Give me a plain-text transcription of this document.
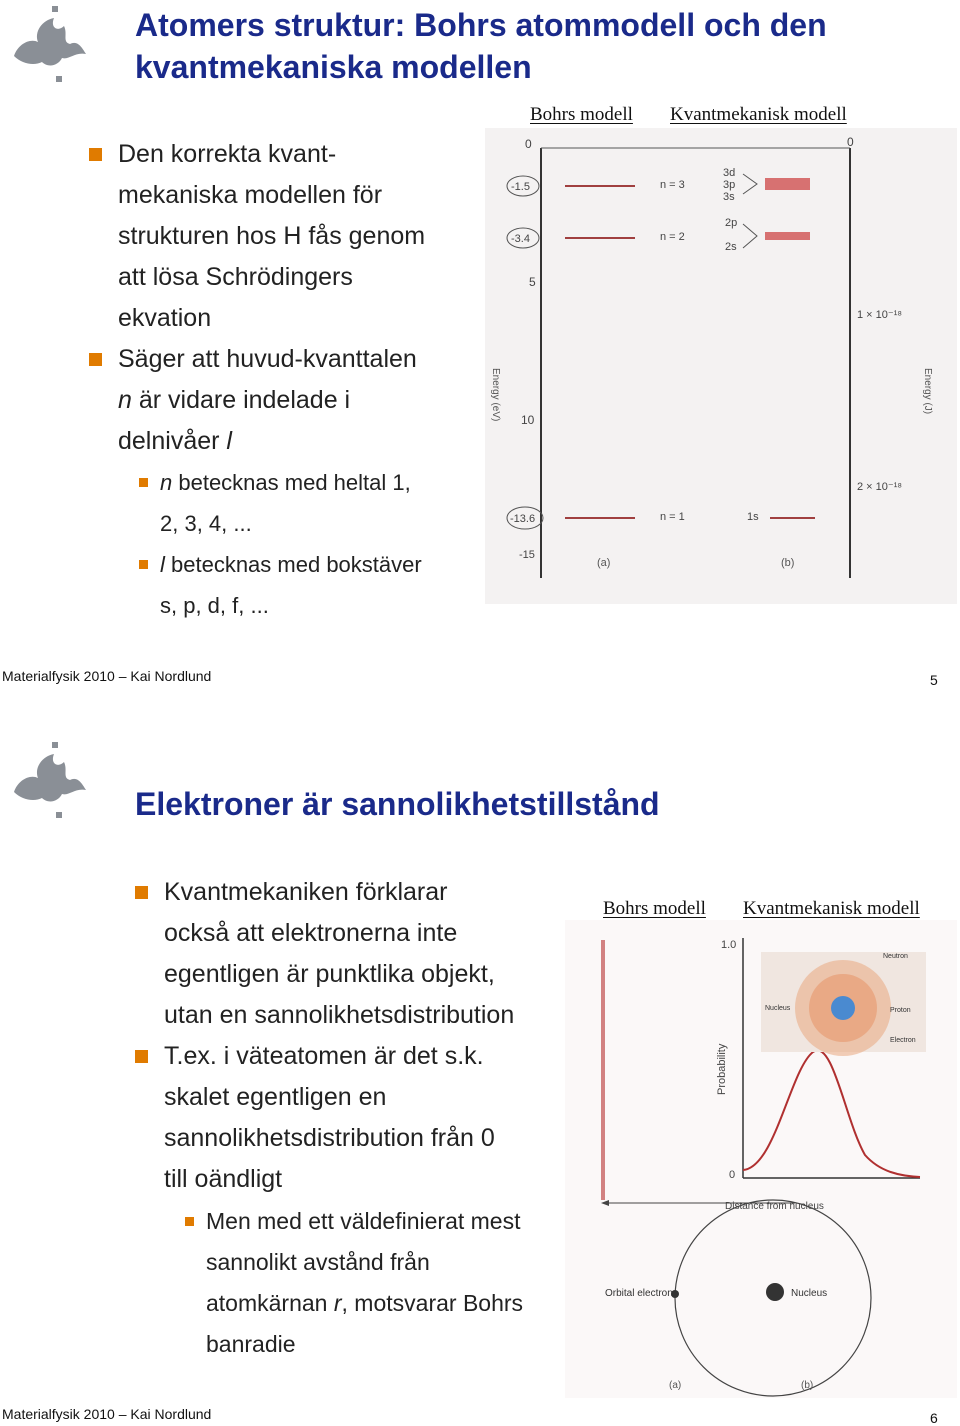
Atomers struktur: Bohrs atommodell och den
kvantmekaniska modellen
Den korrekta kvant-
mekaniska modellen för
strukturen hos H fås genom
att lösa Schrödingers
ekvation
Säger att huvud-kvanttalen
n är vidare indelade i
delnivåer l
n betecknas med heltal 1,
2, 3, 4, ...
l betecknas med bokstäver
s, p, d, f, ...
Bohrs modell Kvantmekanisk modell
0	0
-1.5
-3.4
5
10
-13.6
-15
n = 3
n = 2
n = 1
3d
3p
3s
2p
2s
1s
1 × 10⁻¹⁸
2 × 10⁻¹⁸
Energy (eV)	Energy (J)
(a)	(b)
Materialfysik 2010 – Kai Nordlund	5
Elektroner är sannolikhetstillstånd
Kvantmekaniken förklarar
också att elektronerna inte
egentligen är punktlika objekt,
utan en sannolikhetsdistribution
T.ex. i väteatomen är det s.k.
skalet egentligen en
sannolikhetsdistribution från 0
till oändligt
Men med ett väldefinierat mest
sannolikt avstånd från
atomkärnan r, motsvarar Bohrs
banradie
Bohrs modell Kvantmekanisk modell
1.0
0
Probability
Distance from nucleus
Neutron
Nucleus	Proton
Electron
Orbital electron	Nucleus
(a)	(b)
Materialfysik 2010 – Kai Nordlund	6
